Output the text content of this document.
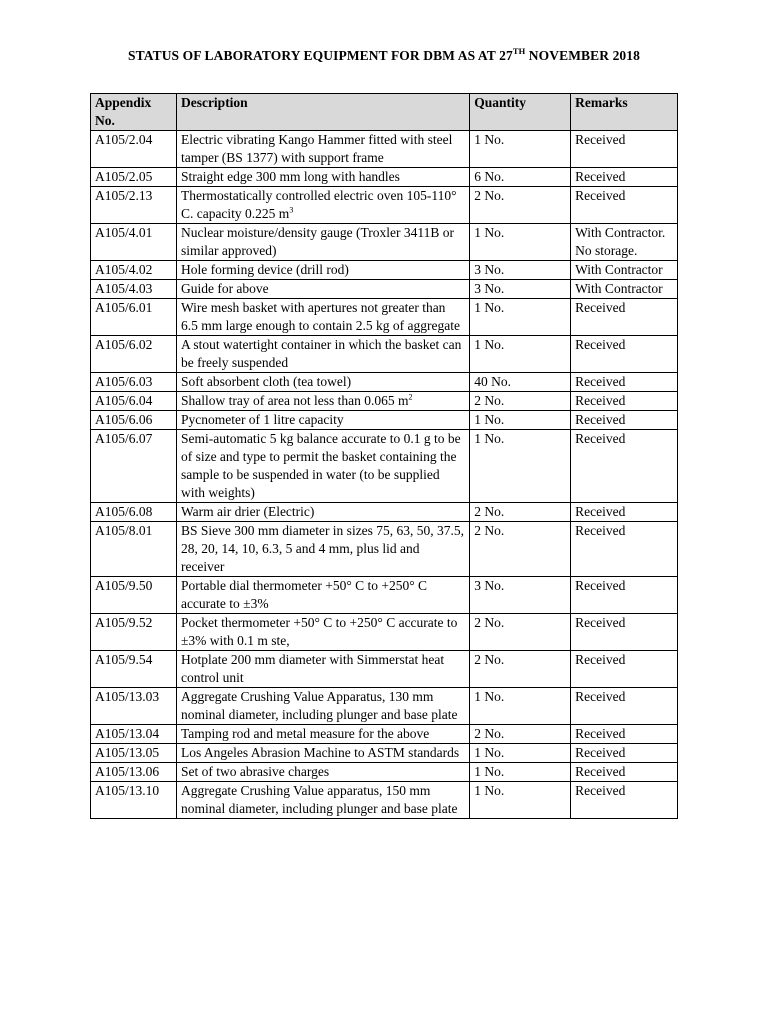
STATUS OF LABORATORY EQUIPMENT FOR DBM AS AT 27TH NOVEMBER 2018
Appendix No.	Description	Quantity	Remarks
A105/2.04	Electric vibrating Kango Hammer fitted with steel tamper (BS 1377) with support frame	1 No.	Received
A105/2.05	Straight edge 300 mm long with handles	6 No.	Received
A105/2.13	Thermostatically controlled electric oven 105-110° C. capacity 0.225 $m^3$	2 No.	Received
A105/4.01	Nuclear moisture/density gauge (Troxler 3411B or similar approved)	1 No.	With Contractor. No storage.
A105/4.02	Hole forming device (drill rod)	3 No.	With Contractor
A105/4.03	Guide for above	3 No.	With Contractor
A105/6.01	Wire mesh basket with apertures not greater than 6.5 mm large enough to contain 2.5 kg of aggregate	1 No.	Received
A105/6.02	A stout watertight container in which the basket can be freely suspended	1 No.	Received
A105/6.03	Soft absorbent cloth (tea towel)	40 No.	Received
A105/6.04	Shallow tray of area not less than 0.065 $m^2$	2 No.	Received
A105/6.06	Pycnometer of 1 litre capacity	1 No.	Received
A105/6.07	Semi-automatic 5 kg balance accurate to 0.1 g to be of size and type to permit the basket containing the sample to be suspended in water (to be supplied with weights)	1 No.	Received
A105/6.08	Warm air drier (Electric)	2 No.	Received
A105/8.01	BS Sieve 300 mm diameter in sizes 75, 63, 50, 37.5, 28, 20, 14, 10, 6.3, 5 and 4 mm, plus lid and receiver	2 No.	Received
A105/9.50	Portable dial thermometer +50° C to +250° C accurate to ±3%	3 No.	Received
A105/9.52	Pocket thermometer +50° C to +250° C accurate to ±3% with 0.1 m ste,	2 No.	Received
A105/9.54	Hotplate 200 mm diameter with Simmerstat heat control unit	2 No.	Received
A105/13.03	Aggregate Crushing Value Apparatus, 130 mm nominal diameter, including plunger and base plate	1 No.	Received
A105/13.04	Tamping rod and metal measure for the above	2 No.	Received
A105/13.05	Los Angeles Abrasion Machine to ASTM standards	1 No.	Received
A105/13.06	Set of two abrasive charges	1 No.	Received
A105/13.10	Aggregate Crushing Value apparatus, 150 mm nominal diameter, including plunger and base plate	1 No.	Received
